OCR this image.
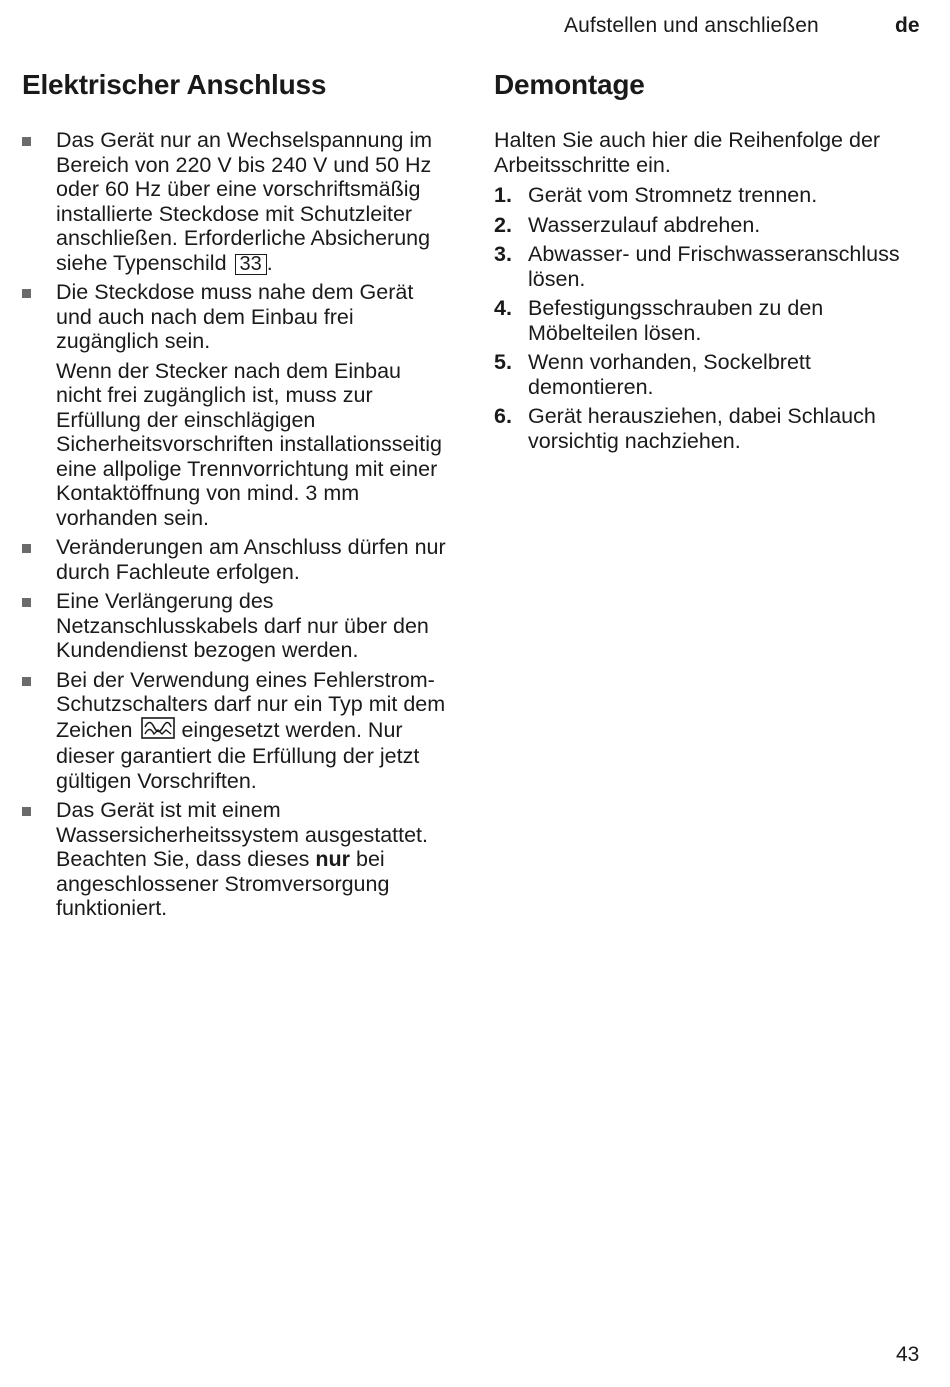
Aufstellen und anschließen	de
Elektrischer Anschluss	Demontage
Das Gerät nur an Wechselspannung im Bereich von 220 V bis 240 V und 50 Hz oder 60 Hz über eine vorschriftsmäßig installierte Steckdose mit Schutzleiter anschließen. Erforderliche Absicherung siehe Typenschild 33 .
Die Steckdose muss nahe dem Gerät und auch nach dem Einbau frei zugänglich sein.
Wenn der Stecker nach dem Einbau nicht frei zugänglich ist, muss zur Erfüllung der einschlägigen Sicherheitsvorschriften installationsseitig eine allpolige Trennvorrichtung mit einer Kontaktöffnung von mind. 3 mm vorhanden sein.
Veränderungen am Anschluss dürfen nur durch Fachleute erfolgen.
Eine Verlängerung des Netzanschlusskabels darf nur über den Kundendienst bezogen werden.
Bei der Verwendung eines Fehlerstrom-Schutzschalters darf nur ein Typ mit dem Zeichen eingesetzt werden. Nur dieser garantiert die Erfüllung der jetzt gültigen Vorschriften.
Das Gerät ist mit einem Wassersicherheitssystem ausgestattet. Beachten Sie, dass dieses nur bei angeschlossener Stromversorgung funktioniert.
Halten Sie auch hier die Reihenfolge der Arbeitsschritte ein.
1. Gerät vom Stromnetz trennen.
2. Wasserzulauf abdrehen.
3. Abwasser- und Frischwasseranschluss lösen.
4. Befestigungsschrauben zu den Möbelteilen lösen.
5. Wenn vorhanden, Sockelbrett demontieren.
6. Gerät herausziehen, dabei Schlauch vorsichtig nachziehen.
43
